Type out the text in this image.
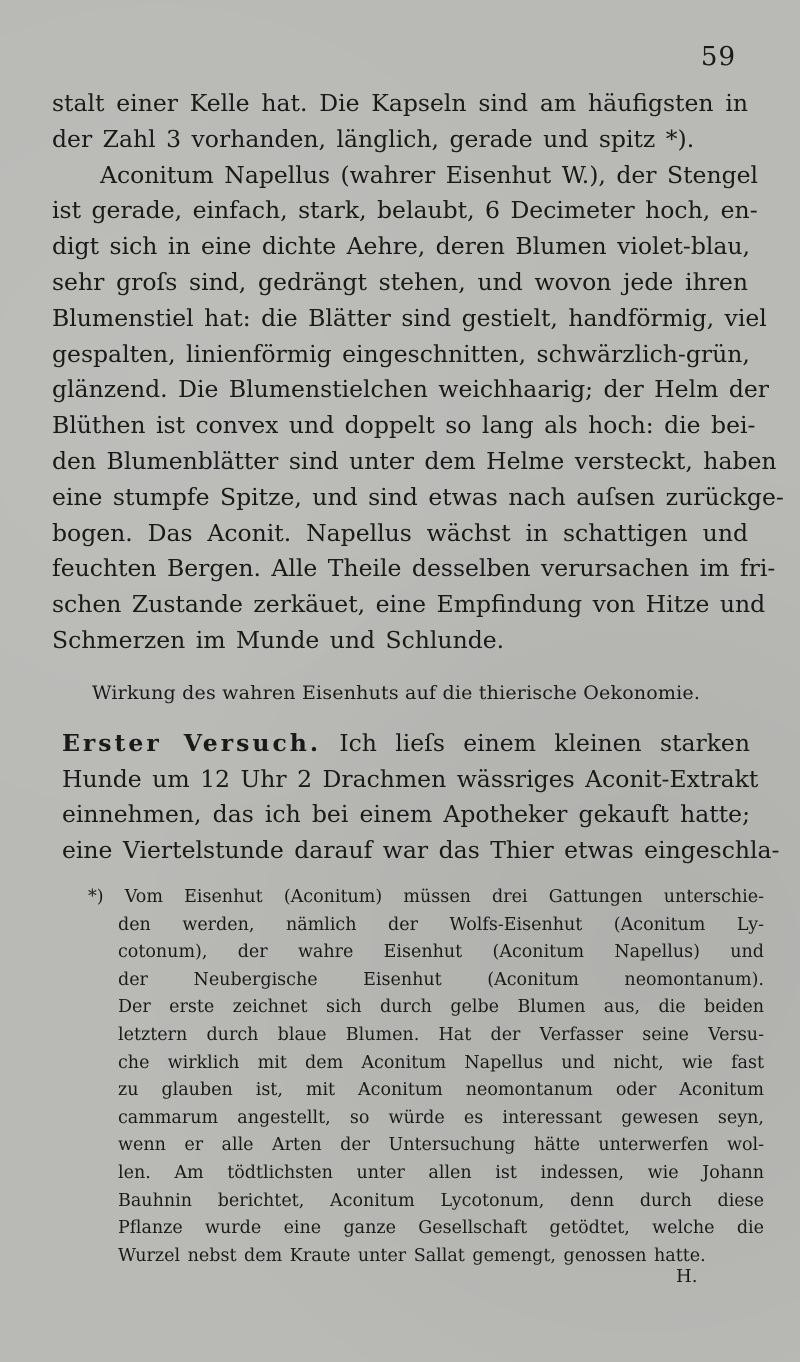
59
stalt einer Kelle hat. Die Kapseln sind am häufigsten in
der Zahl 3 vorhanden, länglich, gerade und spitz *).
Aconitum Napellus (wahrer Eisenhut W.), der Stengel
ist gerade, einfach, stark, belaubt, 6 Decimeter hoch, en-
digt sich in eine dichte Aehre, deren Blumen violet-blau,
sehr groſs sind, gedrängt stehen, und wovon jede ihren
Blumenstiel hat: die Blätter sind gestielt, handförmig, viel
gespalten, linienförmig eingeschnitten, schwärzlich-grün,
glänzend. Die Blumenstielchen weichhaarig; der Helm der
Blüthen ist convex und doppelt so lang als hoch: die bei-
den Blumenblätter sind unter dem Helme versteckt, haben
eine stumpfe Spitze, und sind etwas nach auſsen zurückge-
bogen. Das Aconit. Napellus wächst in schattigen und
feuchten Bergen. Alle Theile desselben verursachen im fri-
schen Zustande zerkäuet, eine Empfindung von Hitze und
Schmerzen im Munde und Schlunde.
Wirkung des wahren Eisenhuts auf die thierische Oekonomie.
Erster Versuch. Ich lieſs einem kleinen starken
Hunde um 12 Uhr 2 Drachmen wässriges Aconit-Extrakt
einnehmen, das ich bei einem Apotheker gekauft hatte;
eine Viertelstunde darauf war das Thier etwas eingeschla-
*) Vom Eisenhut (Aconitum) müssen drei Gattungen unterschie-
den werden, nämlich der Wolfs-Eisenhut (Aconitum Ly-
cotonum), der wahre Eisenhut (Aconitum Napellus) und
der Neubergische Eisenhut (Aconitum neomontanum).
Der erste zeichnet sich durch gelbe Blumen aus, die beiden
letztern durch blaue Blumen. Hat der Verfasser seine Versu-
che wirklich mit dem Aconitum Napellus und nicht, wie fast
zu glauben ist, mit Aconitum neomontanum oder Aconitum
cammarum angestellt, so würde es interessant gewesen seyn,
wenn er alle Arten der Untersuchung hätte unterwerfen wol-
len. Am tödtlichsten unter allen ist indessen, wie Johann
Bauhnin berichtet, Aconitum Lycotonum, denn durch diese
Pflanze wurde eine ganze Gesellschaft getödtet, welche die
Wurzel nebst dem Kraute unter Sallat gemengt, genossen hatte.
H.
